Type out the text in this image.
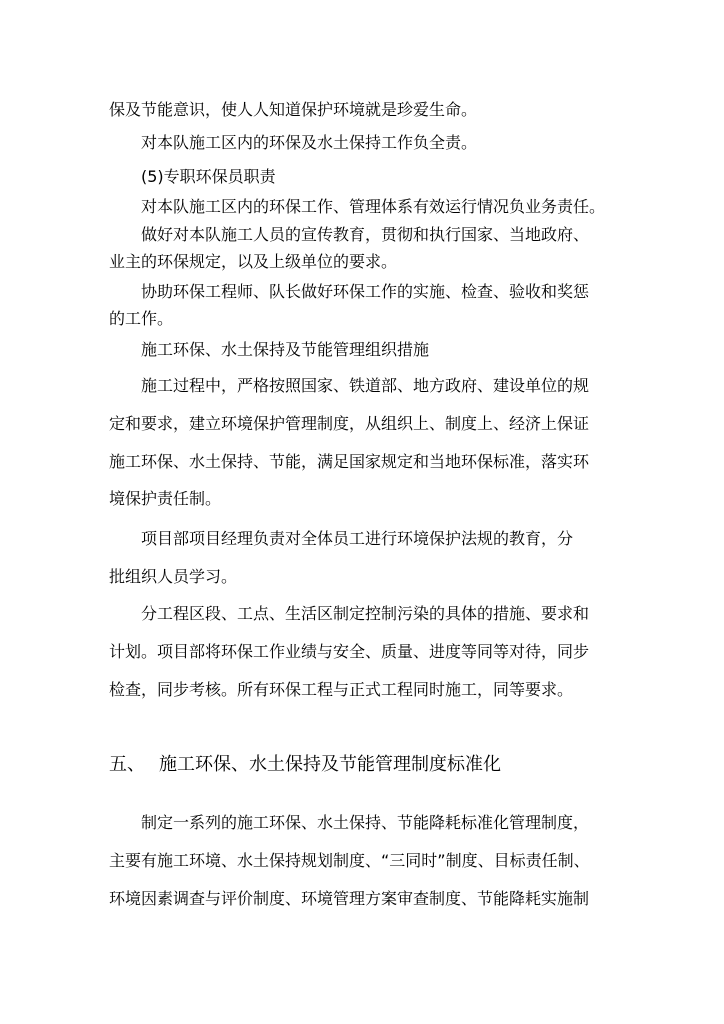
保及节能意识，使人人知道保护环境就是珍爱生命。
对本队施工区内的环保及水土保持工作负全责。
(5)专职环保员职责
对本队施工区内的环保工作、管理体系有效运行情况负业务责任。
做好对本队施工人员的宣传教育，贯彻和执行国家、当地政府、
业主的环保规定，以及上级单位的要求。
协助环保工程师、队长做好环保工作的实施、检查、验收和奖惩
的工作。
施工环保、水土保持及节能管理组织措施
施工过程中，严格按照国家、铁道部、地方政府、建设单位的规
定和要求，建立环境保护管理制度，从组织上、制度上、经济上保证
施工环保、水土保持、节能，满足国家规定和当地环保标准，落实环
境保护责任制。
项目部项目经理负责对全体员工进行环境保护法规的教育，分
批组织人员学习。
分工程区段、工点、生活区制定控制污染的具体的措施、要求和
计划。项目部将环保工作业绩与安全、质量、进度等同等对待，同步
检查，同步考核。所有环保工程与正式工程同时施工，同等要求。
五、 施工环保、水土保持及节能管理制度标准化
制定一系列的施工环保、水土保持、节能降耗标准化管理制度，
主要有施工环境、水土保持规划制度、“三同时”制度、目标责任制、
环境因素调查与评价制度、环境管理方案审查制度、节能降耗实施制
